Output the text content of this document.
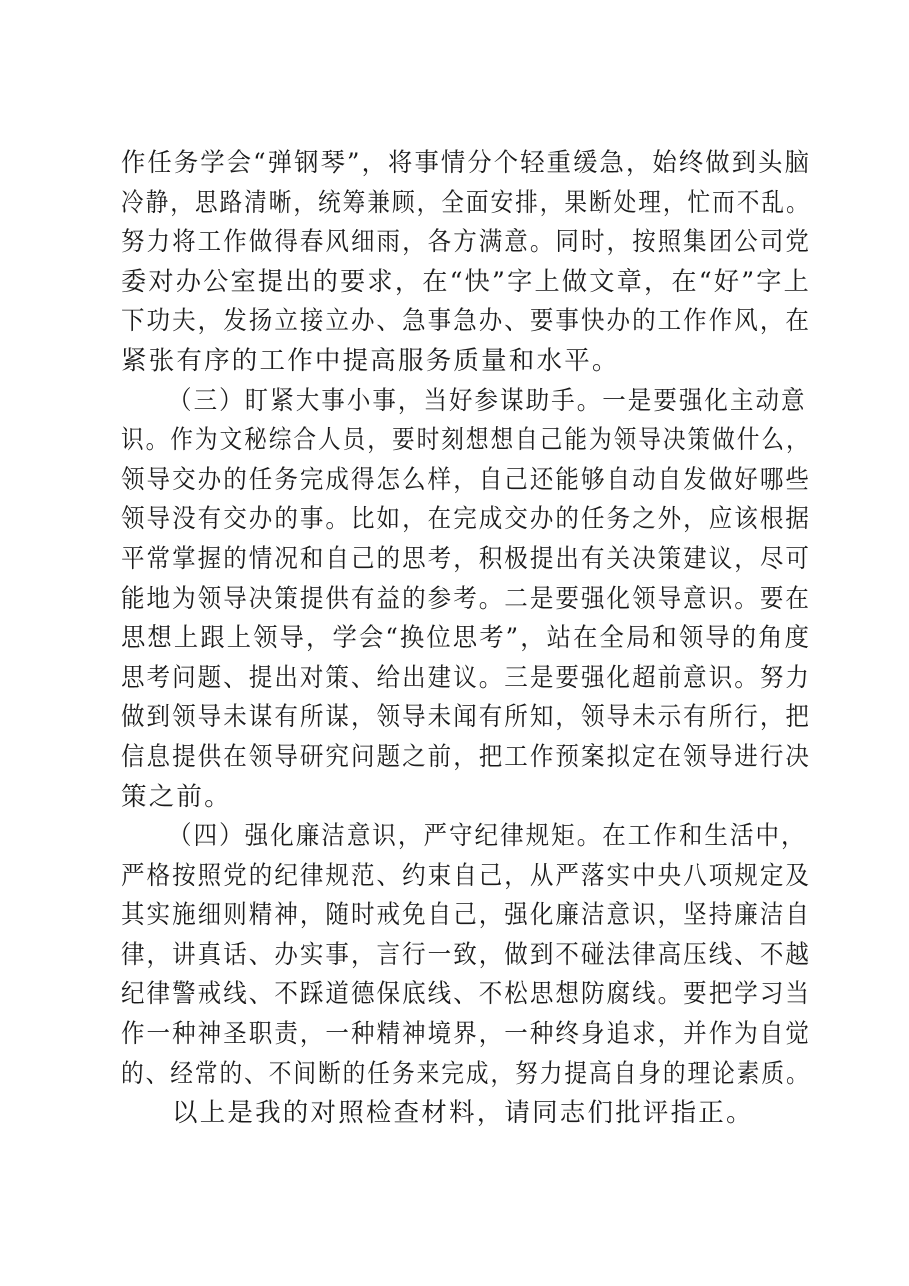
作任务学会“弹钢琴”，将事情分个轻重缓急，始终做到头脑
冷静，思路清晰，统筹兼顾，全面安排，果断处理，忙而不乱。
努力将工作做得春风细雨，各方满意。同时，按照集团公司党
委对办公室提出的要求，在“快”字上做文章，在“好”字上
下功夫，发扬立接立办、急事急办、要事快办的工作作风，在
紧张有序的工作中提高服务质量和水平。
（三）盯紧大事小事，当好参谋助手。一是要强化主动意
识。作为文秘综合人员，要时刻想想自己能为领导决策做什么，
领导交办的任务完成得怎么样，自己还能够自动自发做好哪些
领导没有交办的事。比如，在完成交办的任务之外，应该根据
平常掌握的情况和自己的思考，积极提出有关决策建议，尽可
能地为领导决策提供有益的参考。二是要强化领导意识。要在
思想上跟上领导，学会“换位思考”，站在全局和领导的角度
思考问题、提出对策、给出建议。三是要强化超前意识。努力
做到领导未谋有所谋，领导未闻有所知，领导未示有所行，把
信息提供在领导研究问题之前，把工作预案拟定在领导进行决
策之前。
（四）强化廉洁意识，严守纪律规矩。在工作和生活中，
严格按照党的纪律规范、约束自己，从严落实中央八项规定及
其实施细则精神，随时戒免自己，强化廉洁意识，坚持廉洁自
律，讲真话、办实事，言行一致，做到不碰法律高压线、不越
纪律警戒线、不踩道德保底线、不松思想防腐线。要把学习当
作一种神圣职责，一种精神境界，一种终身追求，并作为自觉
的、经常的、不间断的任务来完成，努力提高自身的理论素质。
以上是我的对照检查材料，请同志们批评指正。
